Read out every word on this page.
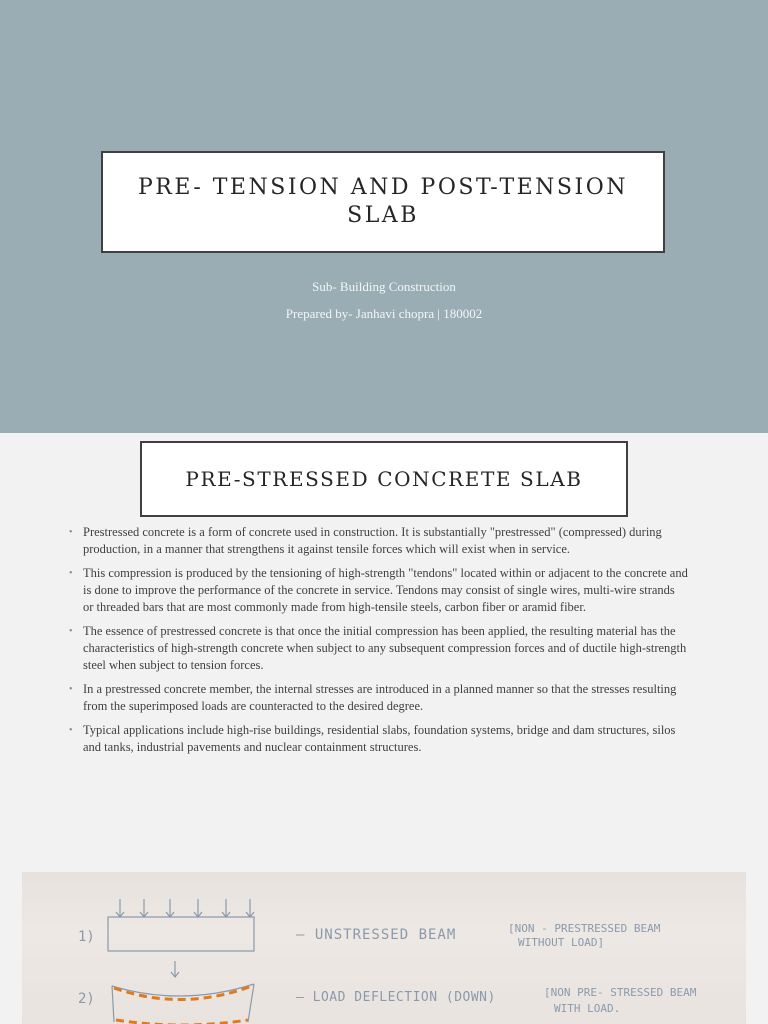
PRE- TENSION AND POST-TENSION SLAB
Sub- Building Construction
Prepared by- Janhavi chopra | 180002
PRE-STRESSED CONCRETE SLAB
• Prestressed concrete is a form of concrete used in construction. It is substantially "prestressed" (compressed) during production, in a manner that strengthens it against tensile forces which will exist when in service.
• This compression is produced by the tensioning of high-strength "tendons" located within or adjacent to the concrete and is done to improve the performance of the concrete in service. Tendons may consist of single wires, multi-wire strands or threaded bars that are most commonly made from high-tensile steels, carbon fiber or aramid fiber.
• The essence of prestressed concrete is that once the initial compression has been applied, the resulting material has the characteristics of high-strength concrete when subject to any subsequent compression forces and of ductile high-strength steel when subject to tension forces.
• In a prestressed concrete member, the internal stresses are introduced in a planned manner so that the stresses resulting from the superimposed loads are counteracted to the desired degree.
• Typical applications include high-rise buildings, residential slabs, foundation systems, bridge and dam structures, silos and tanks, industrial pavements and nuclear containment structures.
1)	— UNSTRESSED BEAM	[NON - PRESTRESSED BEAM
WITHOUT LOAD]
2)	— LOAD DEFLECTION (DOWN)	[NON PRE- STRESSED BEAM
WITH LOAD.
